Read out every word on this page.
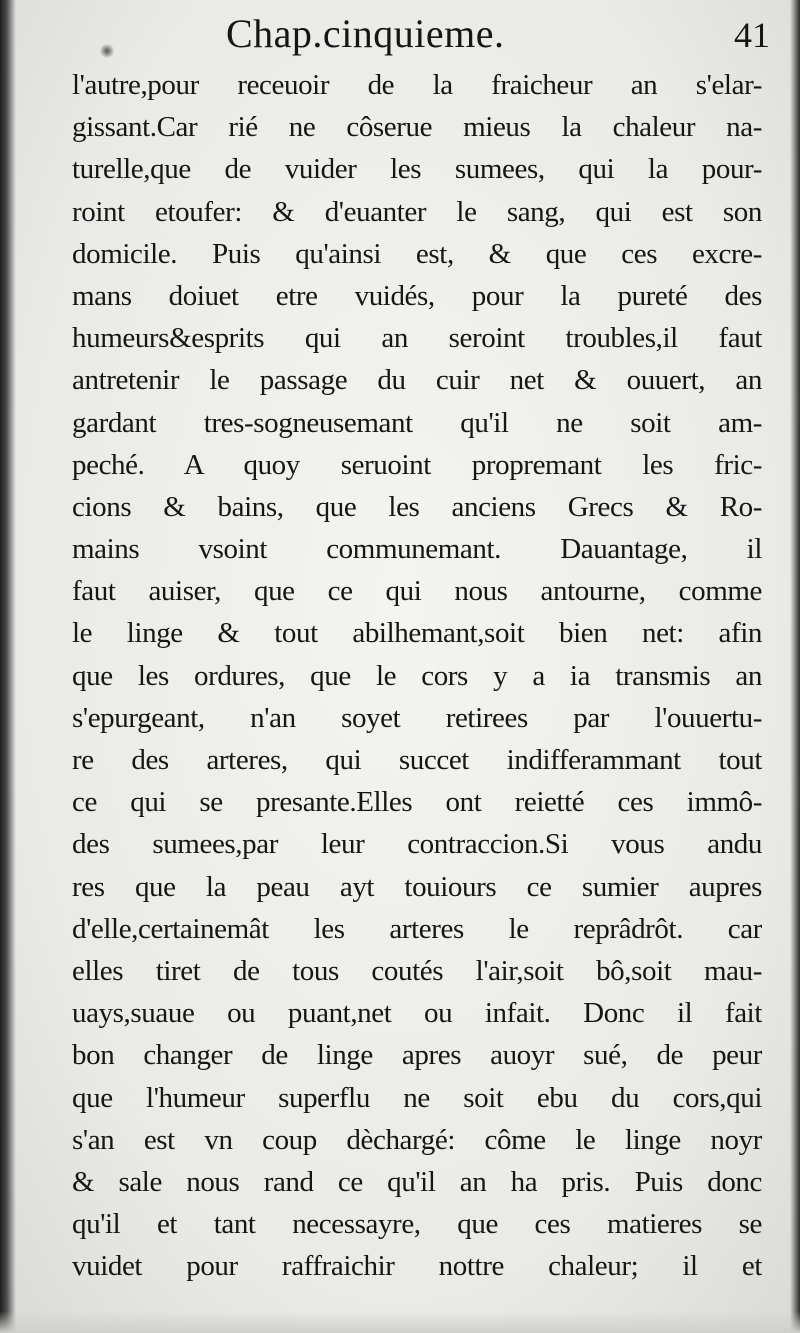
Chap.cinquieme.	41
l'autre,pour receuoir de la fraicheur an s'elar-
gissant.Car rié ne côserue mieus la chaleur na-
turelle,que de vuider les sumees, qui la pour-
roint etoufer: & d'euanter le sang, qui est son
domicile. Puis qu'ainsi est, & que ces excre-
mans doiuet etre vuidés, pour la pureté des
humeurs&esprits qui an seroint troubles,il faut
antretenir le passage du cuir net & ouuert, an
gardant tres-sogneusemant qu'il ne soit am-
peché. A quoy seruoint propremant les fric-
cions & bains, que les anciens Grecs & Ro-
mains vsoint communemant. Dauantage, il
faut auiser, que ce qui nous antourne, comme
le linge & tout abilhemant,soit bien net: afin
que les ordures, que le cors y a ia transmis an
s'epurgeant, n'an soyet retirees par l'ouuertu-
re des arteres, qui succet indifferammant tout
ce qui se presante.Elles ont reietté ces immô-
des sumees,par leur contraccion.Si vous andu
res que la peau ayt touiours ce sumier aupres
d'elle,certainemât les arteres le reprâdrôt. car
elles tiret de tous coutés l'air,soit bô,soit mau-
uays,suaue ou puant,net ou infait. Donc il fait
bon changer de linge apres auoyr sué, de peur
que l'humeur superflu ne soit ebu du cors,qui
s'an est vn coup dèchargé: côme le linge noyr
& sale nous rand ce qu'il an ha pris. Puis donc
qu'il et tant necessayre, que ces matieres se
vuidet pour raffraichir nottre chaleur; il et
